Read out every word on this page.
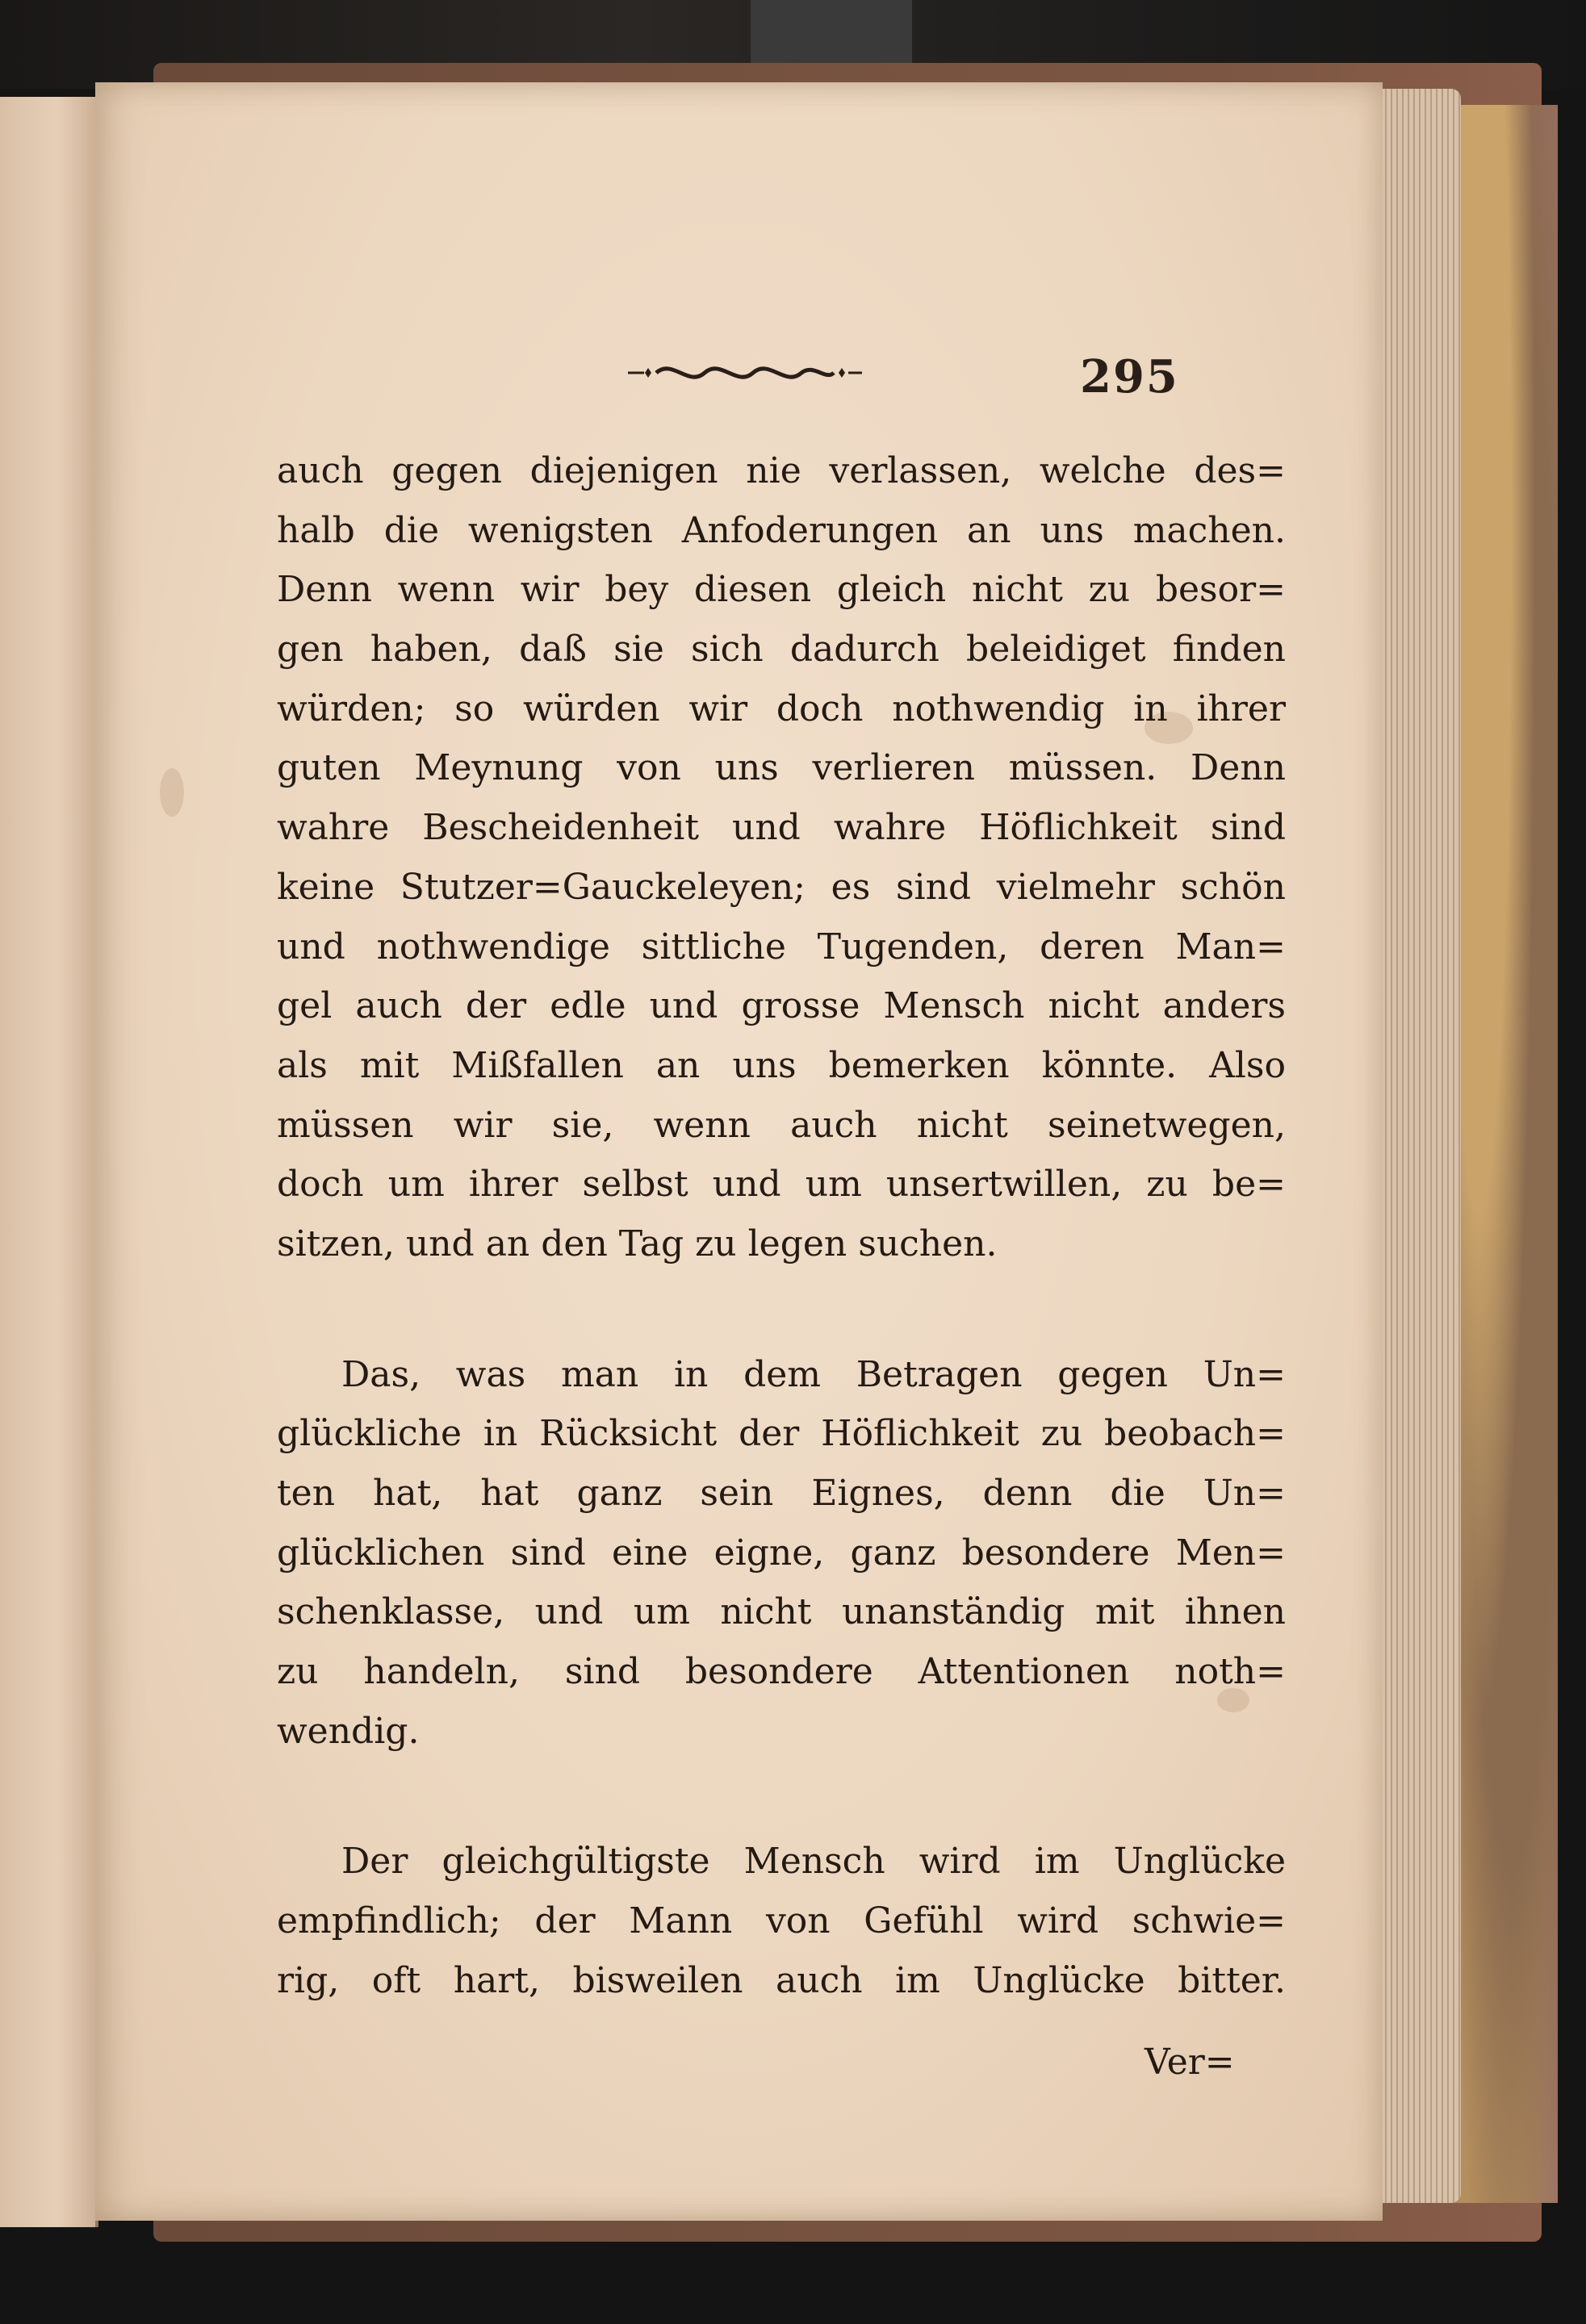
295
auch gegen diejenigen nie verlassen, welche des=
halb die wenigsten Anfoderungen an uns machen.
Denn wenn wir bey diesen gleich nicht zu besor=
gen haben, daß sie sich dadurch beleidiget finden
würden; so würden wir doch nothwendig in ihrer
guten Meynung von uns verlieren müssen. Denn
wahre Bescheidenheit und wahre Höflichkeit sind
keine Stutzer=Gauckeleyen; es sind vielmehr schön
und nothwendige sittliche Tugenden, deren Man=
gel auch der edle und grosse Mensch nicht anders
als mit Mißfallen an uns bemerken könnte. Also
müssen wir sie, wenn auch nicht seinetwegen,
doch um ihrer selbst und um unsertwillen, zu be=
sitzen, und an den Tag zu legen suchen.
Das, was man in dem Betragen gegen Un=
glückliche in Rücksicht der Höflichkeit zu beobach=
ten hat, hat ganz sein Eignes, denn die Un=
glücklichen sind eine eigne, ganz besondere Men=
schenklasse, und um nicht unanständig mit ihnen
zu handeln, sind besondere Attentionen noth=
wendig.
Der gleichgültigste Mensch wird im Unglücke
empfindlich; der Mann von Gefühl wird schwie=
rig, oft hart, bisweilen auch im Unglücke bitter.
Ver=
